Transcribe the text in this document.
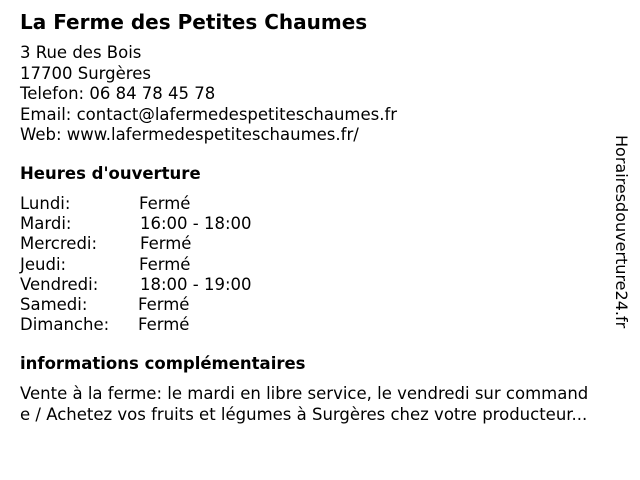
La Ferme des Petites Chaumes
3 Rue des Bois
17700 Surgères
Telefon: 06 84 78 45 78
Email: contact@lafermedespetiteschaumes.fr
Web: www.lafermedespetiteschaumes.fr/
Heures d'ouverture
Lundi:	Fermé
Mardi:	16:00 - 18:00
Mercredi:	Fermé
Jeudi:	Fermé
Vendredi:	18:00 - 19:00
Samedi:	Fermé
Dimanche: Fermé
informations complémentaires
Vente à la ferme: le mardi en libre service, le vendredi sur command
e / Achetez vos fruits et légumes à Surgères chez votre producteur...
Horairesdouverture24.fr
